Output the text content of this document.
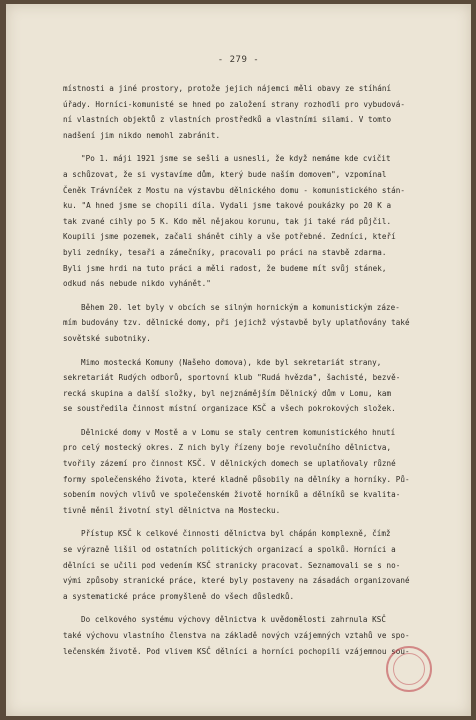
- 279 -
místnosti a jiné prostory, protože jejich nájemci měli obavy ze stíhání
úřady. Horníci-komunisté se hned po založení strany rozhodli pro vybudová-
ní vlastních objektů z vlastních prostředků a vlastními silami. V tomto
nadšení jim nikdo nemohl zabránit.
"Po 1. máji 1921 jsme se sešli a usnesli, že když nemáme kde cvičit
a schůzovat, že si vystavíme dům, který bude naším domovem", vzpomínal
Čeněk Trávníček z Mostu na výstavbu dělnického domu - komunistického stán-
ku. "A hned jsme se chopili díla. Vydali jsme takové poukázky po 20 K a
tak zvané cihly po 5 K. Kdo měl nějakou korunu, tak ji také rád půjčil.
Koupili jsme pozemek, začali shánět cihly a vše potřebné. Zedníci, kteří
byli zedníky, tesaři a zámečníky, pracovali po práci na stavbě zdarma.
Byli jsme hrdi na tuto práci a měli radost, že budeme mít svůj stánek,
odkud nás nebude nikdo vyhánět."
Během 20. let byly v obcích se silným hornickým a komunistickým záze-
mím budovány tzv. dělnické domy, při jejichž výstavbě byly uplatňovány také
sovětské subotniky.
Mimo mostecká Komuny (Našeho domova), kde byl sekretariát strany,
sekretariát Rudých odborů, sportovní klub "Rudá hvězda", šachisté, bezvě-
recká skupina a další složky, byl nejznámějším Dělnický dům v Lomu, kam
se soustředila činnost místní organizace KSČ a všech pokrokových složek.
Dělnické domy v Mostě a v Lomu se staly centrem komunistického hnutí
pro celý mostecký okres. Z nich byly řízeny boje revolučního dělnictva,
tvořily zázemí pro činnost KSČ. V dělnických domech se uplatňovaly různé
formy společenského života, které kladně působily na dělníky a horníky. Pů-
sobením nových vlivů ve společenském životě horníků a dělníků se kvalita-
tivně měnil životní styl dělnictva na Mostecku.
Přístup KSČ k celkové činnosti dělnictva byl chápán komplexně, čímž
se výrazně lišil od ostatních politických organizací a spolků. Horníci a
dělníci se učili pod vedením KSČ stranicky pracovat. Seznamovali se s no-
vými způsoby stranické práce, které byly postaveny na zásadách organizované
a systematické práce promyšleně do všech důsledků.
Do celkového systému výchovy dělnictva k uvědomělosti zahrnula KSČ
také výchovu vlastního členstva na základě nových vzájemných vztahů ve spo-
lečenském životě. Pod vlivem KSČ dělníci a horníci pochopili vzájemnou sou-
